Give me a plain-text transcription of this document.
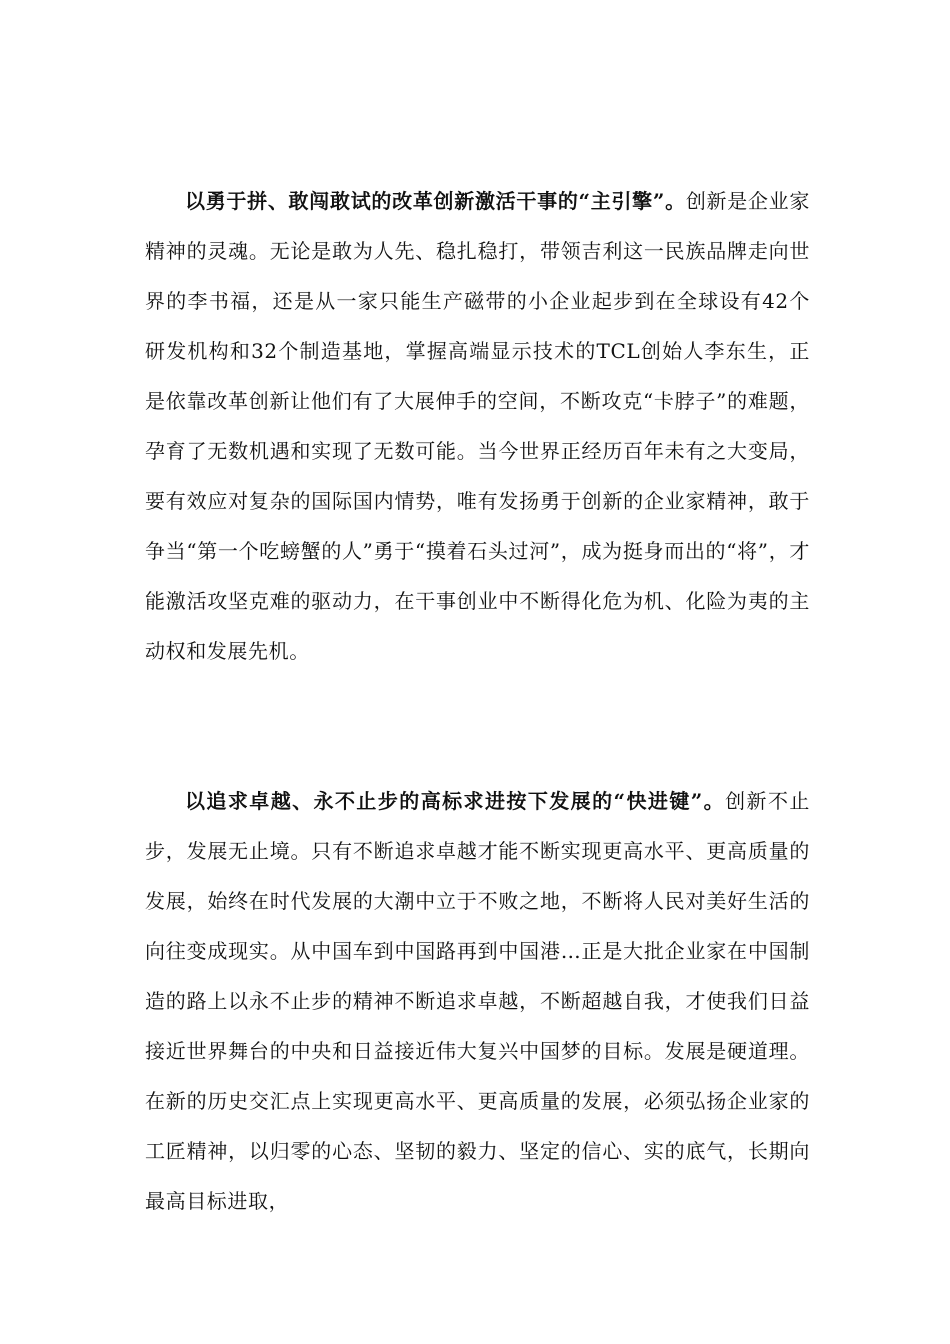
以勇于拼、敢闯敢试的改革创新激活干事的“主引擎”。创新是企业家精神的灵魂。无论是敢为人先、稳扎稳打，带领吉利这一民族品牌走向世界的李书福，还是从一家只能生产磁带的小企业起步到在全球设有42个研发机构和32个制造基地，掌握高端显示技术的TCL创始人李东生，正是依靠改革创新让他们有了大展伸手的空间，不断攻克“卡脖子”的难题，孕育了无数机遇和实现了无数可能。当今世界正经历百年未有之大变局，要有效应对复杂的国际国内情势，唯有发扬勇于创新的企业家精神，敢于争当“第一个吃螃蟹的人”勇于“摸着石头过河”，成为挺身而出的“将”，才能激活攻坚克难的驱动力，在干事创业中不断得化危为机、化险为夷的主动权和发展先机。

以追求卓越、永不止步的高标求进按下发展的“快进键”。创新不止步，发展无止境。只有不断追求卓越才能不断实现更高水平、更高质量的发展，始终在时代发展的大潮中立于不败之地，不断将人民对美好生活的向往变成现实。从中国车到中国路再到中国港…正是大批企业家在中国制造的路上以永不止步的精神不断追求卓越，不断超越自我，才使我们日益接近世界舞台的中央和日益接近伟大复兴中国梦的目标。发展是硬道理。在新的历史交汇点上实现更高水平、更高质量的发展，必须弘扬企业家的工匠精神，以归零的心态、坚韧的毅力、坚定的信心、实的底气，长期向最高目标进取，
